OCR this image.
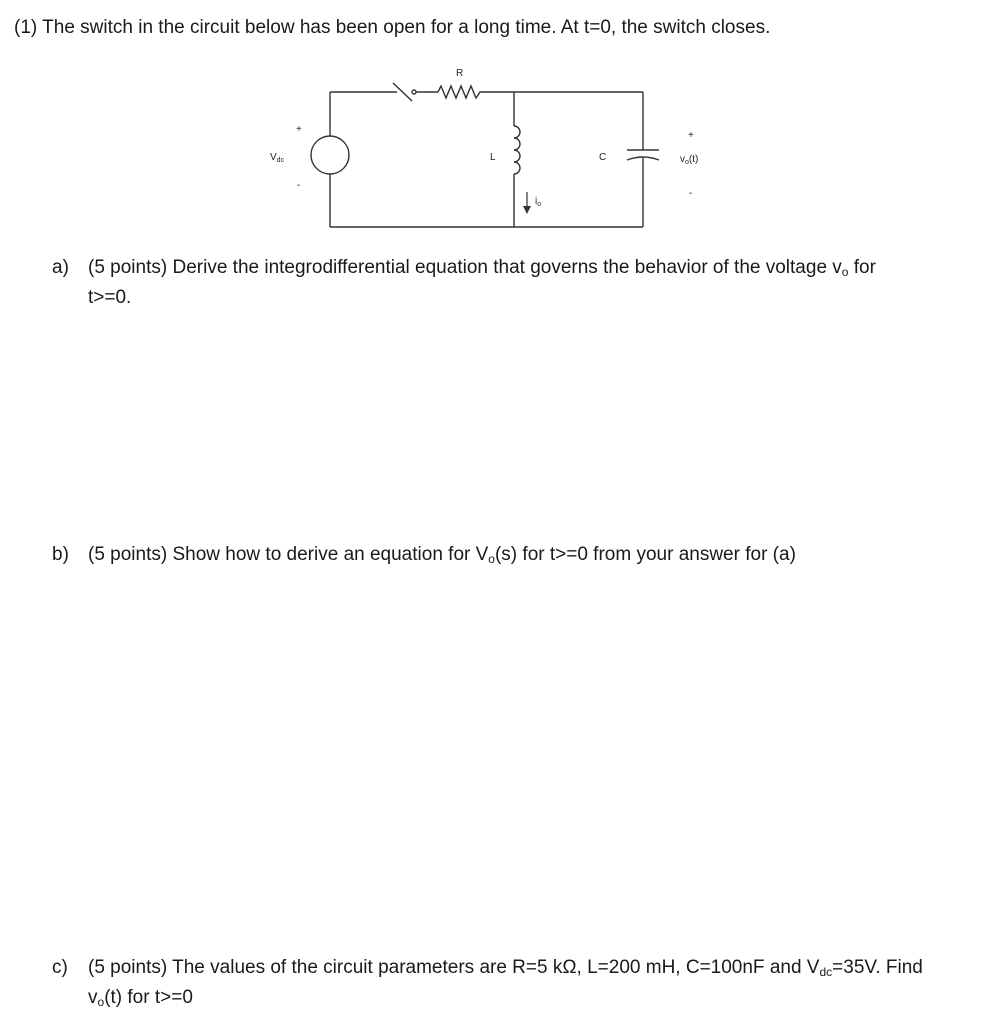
(1) The switch in the circuit below has been open for a long time. At t=0, the switch closes.

R
$V_{dc}$
+
-
L	C
$i_o$
+
$v_o(t)$
-
a) (5 points) Derive the integrodifferential equation that governs the behavior of the voltage $v_o$ for
t>=0.
b) (5 points) Show how to derive an equation for $V_o(s)$ for t>=0 from your answer for (a)
c) (5 points) The values of the circuit parameters are R=5 kΩ, L=200 mH, C=100nF and $V_{dc}=35V$. Find
$v_o(t)$ for t>=0
